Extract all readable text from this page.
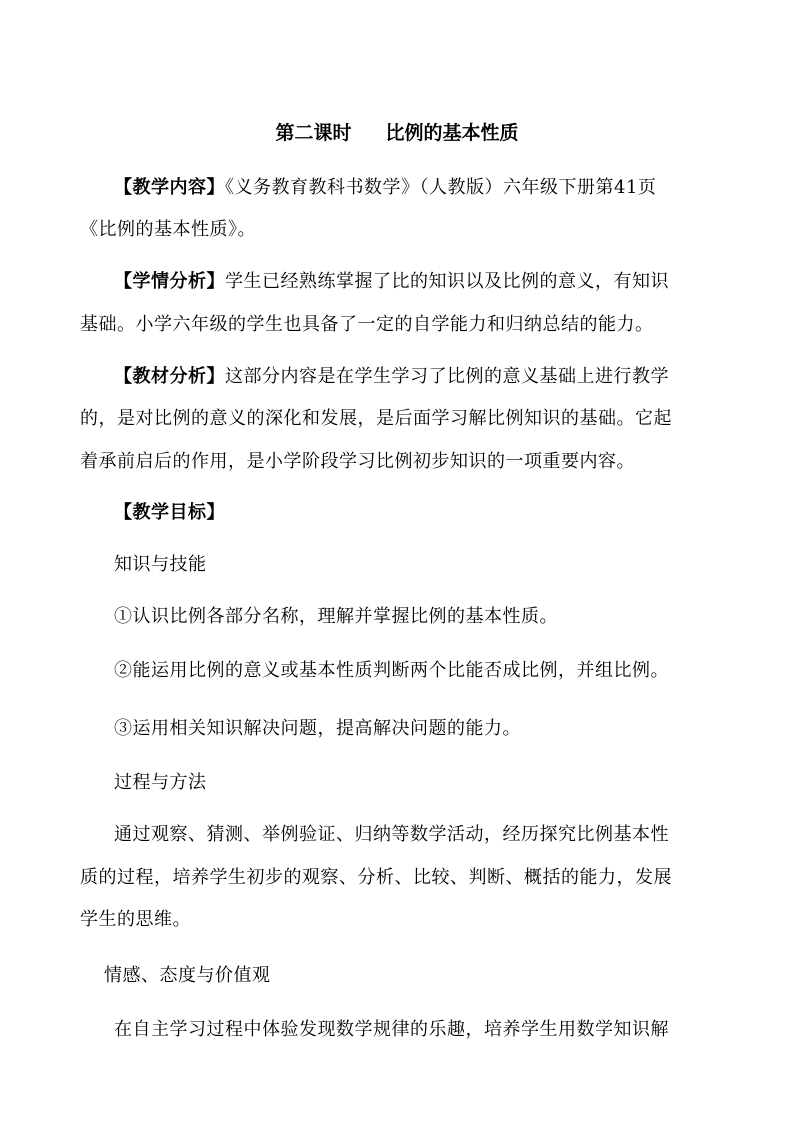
第二课时 比例的基本性质
【教学内容】《义务教育教科书数学》（人教版）六年级下册第41页
《比例的基本性质》。
【学情分析】学生已经熟练掌握了比的知识以及比例的意义，有知识
基础。小学六年级的学生也具备了一定的自学能力和归纳总结的能力。
【教材分析】这部分内容是在学生学习了比例的意义基础上进行教学
的，是对比例的意义的深化和发展，是后面学习解比例知识的基础。它起
着承前启后的作用，是小学阶段学习比例初步知识的一项重要内容。
【教学目标】
知识与技能
①认识比例各部分名称，理解并掌握比例的基本性质。
②能运用比例的意义或基本性质判断两个比能否成比例，并组比例。
③运用相关知识解决问题，提高解决问题的能力。
过程与方法
通过观察、猜测、举例验证、归纳等数学活动，经历探究比例基本性
质的过程，培养学生初步的观察、分析、比较、判断、概括的能力，发展
学生的思维。
情感、态度与价值观
在自主学习过程中体验发现数学规律的乐趣，培养学生用数学知识解
